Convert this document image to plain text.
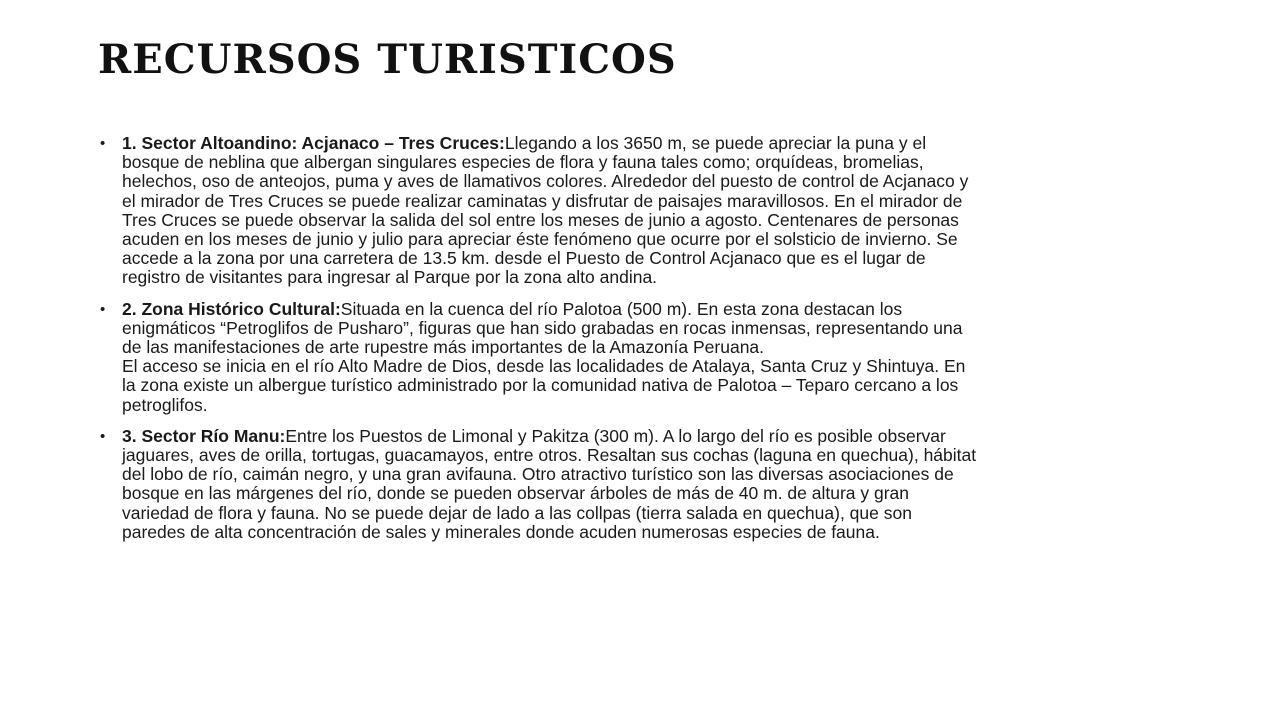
RECURSOS TURISTICOS
• 1. Sector Altoandino: Acjanaco – Tres Cruces:Llegando a los 3650 m, se puede apreciar la puna y el bosque de neblina que albergan singulares especies de flora y fauna tales como; orquídeas, bromelias, helechos, oso de anteojos, puma y aves de llamativos colores. Alrededor del puesto de control de Acjanaco y el mirador de Tres Cruces se puede realizar caminatas y disfrutar de paisajes maravillosos. En el mirador de Tres Cruces se puede observar la salida del sol entre los meses de junio a agosto. Centenares de personas acuden en los meses de junio y julio para apreciar éste fenómeno que ocurre por el solsticio de invierno. Se accede a la zona por una carretera de 13.5 km. desde el Puesto de Control Acjanaco que es el lugar de registro de visitantes para ingresar al Parque por la zona alto andina.
• 2. Zona Histórico Cultural:Situada en la cuenca del río Palotoa (500 m). En esta zona destacan los enigmáticos “Petroglifos de Pusharo”, figuras que han sido grabadas en rocas inmensas, representando una de las manifestaciones de arte rupestre más importantes de la Amazonía Peruana.
El acceso se inicia en el río Alto Madre de Dios, desde las localidades de Atalaya, Santa Cruz y Shintuya. En la zona existe un albergue turístico administrado por la comunidad nativa de Palotoa – Teparo cercano a los petroglifos.
• 3. Sector Río Manu:Entre los Puestos de Limonal y Pakitza (300 m). A lo largo del río es posible observar jaguares, aves de orilla, tortugas, guacamayos, entre otros. Resaltan sus cochas (laguna en quechua), hábitat del lobo de río, caimán negro, y una gran avifauna. Otro atractivo turístico son las diversas asociaciones de bosque en las márgenes del río, donde se pueden observar árboles de más de 40 m. de altura y gran variedad de flora y fauna. No se puede dejar de lado a las collpas (tierra salada en quechua), que son paredes de alta concentración de sales y minerales donde acuden numerosas especies de fauna.
